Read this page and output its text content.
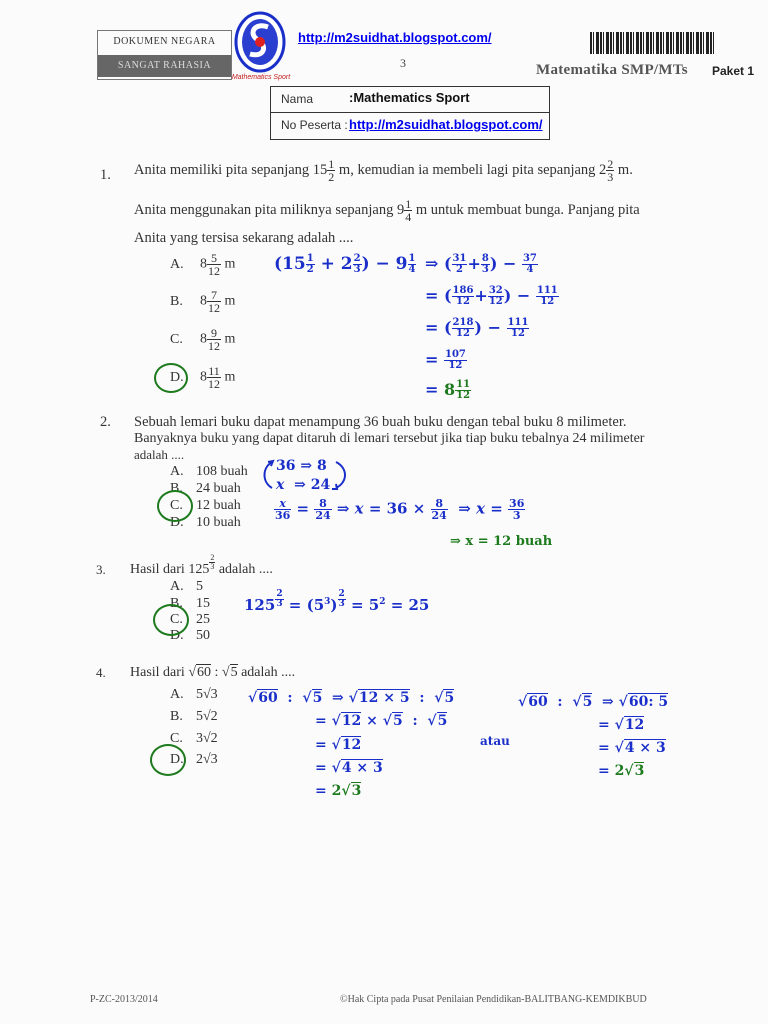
DOKUMEN NEGARA
SANGAT RAHASIA
Mathematics Sport
http://m2suidhat.blogspot.com/
3	Matematika SMP/MTs Paket 1
Nama	:Mathematics Sport
No Peserta : http://m2suidhat.blogspot.com/
1. Anita memiliki pita sepanjang $15 \frac{1}{2} m$, kemudian ia membeli lagi pita sepanjang $2 \frac{2}{3} m$.
Anita menggunakan pita miliknya sepanjang $9 \frac{1}{4}$ m untuk membuat bunga. Panjang pita
Anita yang tersisa sekarang adalah ....
A. $8 \frac{5}{12}$ m
B. $8 \frac{7}{12}$ m
C. $8 \frac{9}{12}$ m
D. $8 \frac{11}{12}$ m
($15 \frac{1}{2} + 2 \frac{2}{3}$ ) − $9 \frac{1}{4}$ ⇒ ( $\frac{31}{2} + \frac{8}{3}$ ) − $\frac{37}{4}$
= ( $\frac{186}{12} + \frac{32}{12}$ ) − $\frac{111}{12}$
= ( $\frac{218}{12}$ ) − $\frac{111}{12}$
= $\frac{107}{12}$
= $8 \frac{11}{12}$
2. Sebuah lemari buku dapat menampung 36 buah buku dengan tebal buku 8 milimeter.
Banyaknya buku yang dapat ditaruh di lemari tersebut jika tiap buku tebalnya 24 milimeter
adalah ....
A. 108 buah
B. 24 buah
C. 12 buah
D. 10 buah
36 ⇒ 8
x  ⇒ 24
$\frac{x}{36} = \frac{8}{24}$ ⇒ $x = 36 \times \frac{8}{24}$ ⇒ $x = \frac{36}{3}$
⇒ x = 12 buah
3. Hasil dari 125 $^{\frac{2}{3}}$ adalah ....
A. 5
B. 15
C. 25
D. 50
125 $^{\frac{2}{3}} = (5^3) ^{\frac{2}{3}} = 5^2 = 25$
4. Hasil dari √60 : √5 adalah ....
A. 5√3
B. 5√2
C. 3√2
D. 2√3
√60  :  √5  ⇒ √12 × 5  :  √5
= √12 × √5  :  √5
= √12
= √4 × 3
= 2√3
atau
√60  :  √5  ⇒ √60: 5
= √12
= √4 × 3
= 2√3
P-ZC-2013/2014	©Hak Cipta pada Pusat Penilaian Pendidikan-BALITBANG-KEMDIKBUD
